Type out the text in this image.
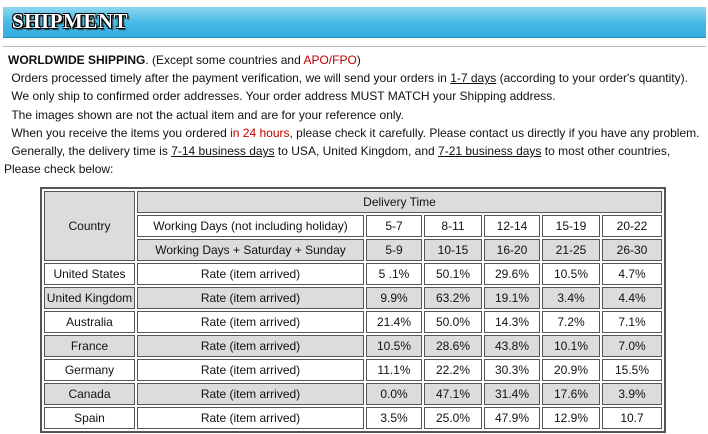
SHIPMENT
WORLDWIDE SHIPPING. (Except some countries and APO/FPO)
Orders processed timely after the payment verification, we will send your orders in 1-7 days (according to your order's quantity).
We only ship to confirmed order addresses. Your order address MUST MATCH your Shipping address.
The images shown are not the actual item and are for your reference only.
When you receive the items you ordered in 24 hours, please check it carefully. Please contact us directly if you have any problem.
Generally, the delivery time is 7-14 business days to USA, United Kingdom, and 7-21 business days to most other countries,
Please check below:
Country	Delivery Time					
	Working Days (not including holiday)	5-7	8-11	12-14	15-19	20-22
	Working Days + Saturday + Sunday	5-9	10-15	16-20	21-25	26-30
United States	Rate (item arrived)	5 .1%	50.1%	29.6%	10.5%	4.7%
United Kingdom	Rate (item arrived)	9.9%	63.2%	19.1%	3.4%	4.4%
Australia	Rate (item arrived)	21.4%	50.0%	14.3%	7.2%	7.1%
France	Rate (item arrived)	10.5%	28.6%	43.8%	10.1%	7.0%
Germany	Rate (item arrived)	11.1%	22.2%	30.3%	20.9%	15.5%
Canada	Rate (item arrived)	0.0%	47.1%	31.4%	17.6%	3.9%
Spain	Rate (item arrived)	3.5%	25.0%	47.9%	12.9%	10.7
